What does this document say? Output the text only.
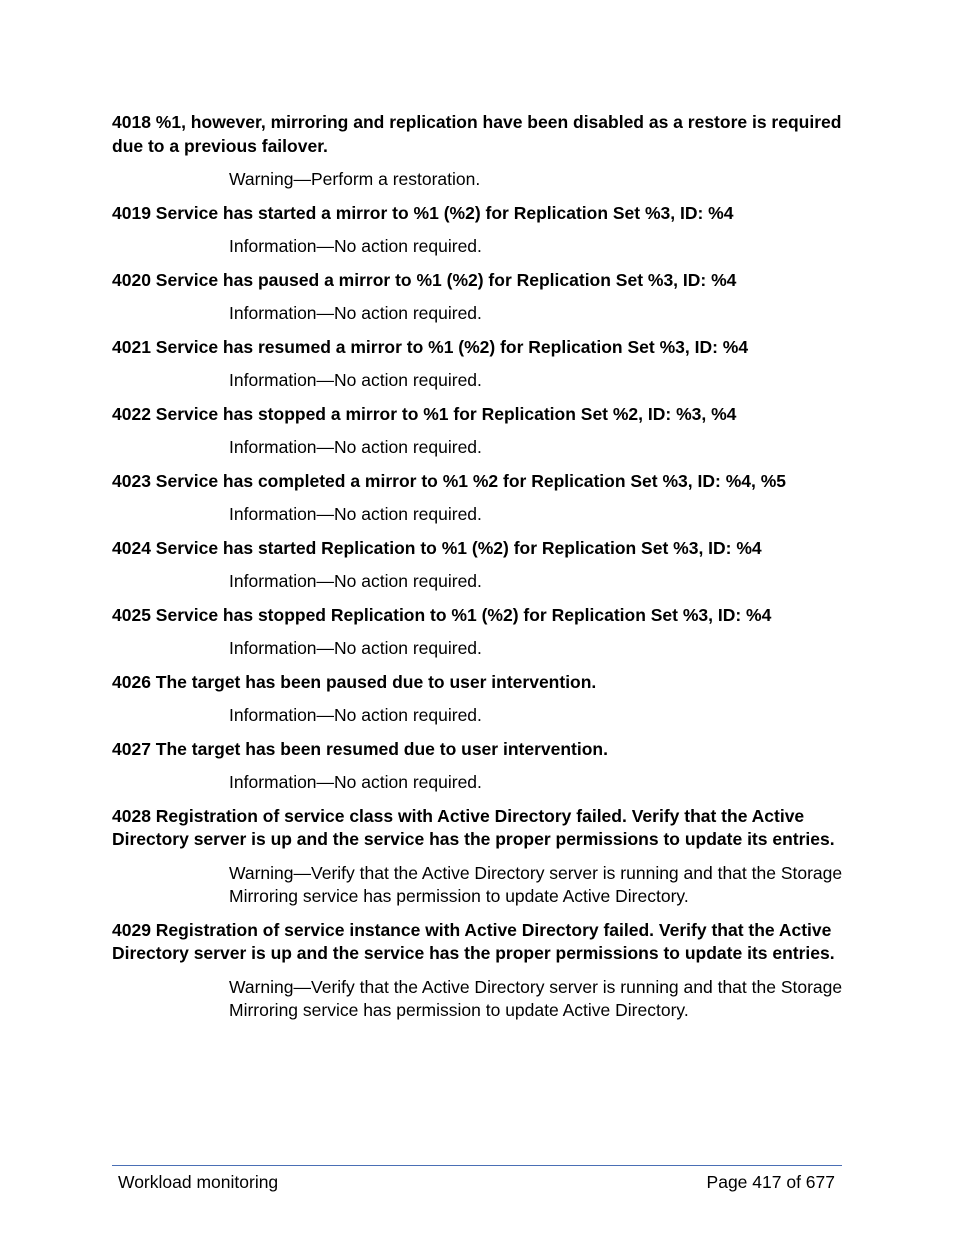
4018 %1, however, mirroring and replication have been disabled as a restore is required due to a previous failover.

Warning—Perform a restoration.

4019 Service has started a mirror to %1 (%2) for Replication Set %3, ID: %4

Information—No action required.

4020 Service has paused a mirror to %1 (%2) for Replication Set %3, ID: %4

Information—No action required.

4021 Service has resumed a mirror to %1 (%2) for Replication Set %3, ID: %4

Information—No action required.

4022 Service has stopped a mirror to %1 for Replication Set %2, ID: %3, %4

Information—No action required.

4023 Service has completed a mirror to %1 %2 for Replication Set %3, ID: %4, %5

Information—No action required.

4024 Service has started Replication to %1 (%2) for Replication Set %3, ID: %4

Information—No action required.

4025 Service has stopped Replication to %1 (%2) for Replication Set %3, ID: %4

Information—No action required.

4026 The target has been paused due to user intervention.

Information—No action required.

4027 The target has been resumed due to user intervention.

Information—No action required.

4028 Registration of service class with Active Directory failed. Verify that the Active Directory server is up and the service has the proper permissions to update its entries.

Warning—Verify that the Active Directory server is running and that the Storage Mirroring service has permission to update Active Directory.

4029 Registration of service instance with Active Directory failed. Verify that the Active Directory server is up and the service has the proper permissions to update its entries.

Warning—Verify that the Active Directory server is running and that the Storage Mirroring service has permission to update Active Directory.

Workload monitoring	Page 417 of 677
